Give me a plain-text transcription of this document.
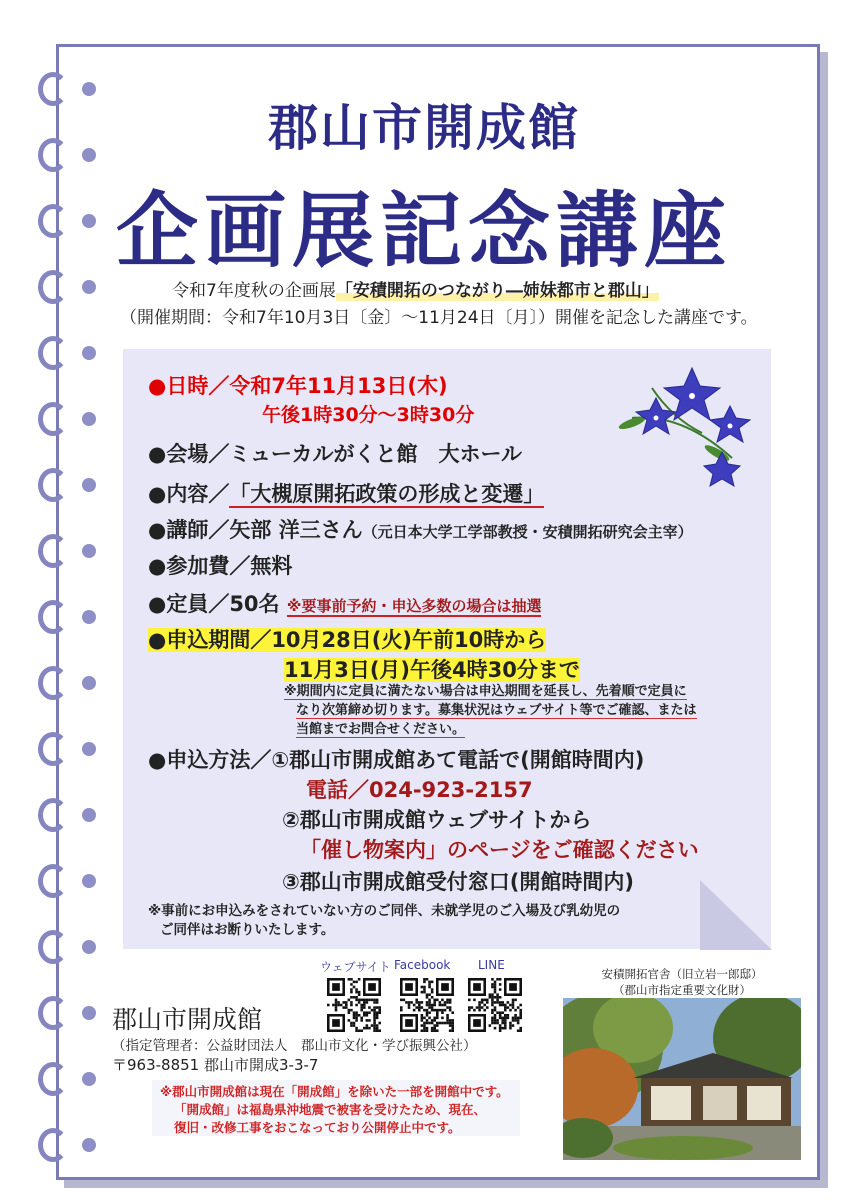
郡山市開成館
企画展記念講座
令和7年度秋の企画展「安積開拓のつながり―姉妹都市と郡山」
（開催期間：令和7年10月3日〔金〕～11月24日〔月〕）開催を記念した講座です。
●日時／令和7年11月13日(木)
午後1時30分～3時30分
●会場／ミューカルがくと館　大ホール
●内容／「大槻原開拓政策の形成と変遷」
●講師／矢部 洋三さん（元日本大学工学部教授・安積開拓研究会主宰）
●参加費／無料
●定員／50名 ※要事前予約・申込多数の場合は抽選
●申込期間／10月28日(火)午前10時から
11月3日(月)午後4時30分まで
※期間内に定員に満たない場合は申込期間を延長し、先着順で定員に
なり次第締め切ります。募集状況はウェブサイト等でご確認、または
当館までお問合せください。
●申込方法／①郡山市開成館あて電話で(開館時間内)
電話／024-923-2157
②郡山市開成館ウェブサイトから
「催し物案内」のページをご確認ください
③郡山市開成館受付窓口(開館時間内)
※事前にお申込みをされていない方のご同伴、未就学児のご入場及び乳幼児の
ご同伴はお断りいたします。
ウェブサイト Facebook LINE
郡山市開成館
（指定管理者：公益財団法人　郡山市文化・学び振興公社）
〒963-8851 郡山市開成3-3-7
※郡山市開成館は現在「開成館」を除いた一部を開館中です。
「開成館」は福島県沖地震で被害を受けたため、現在、
復旧・改修工事をおこなっており公開停止中です。
安積開拓官舎（旧立岩一郎邸）
（郡山市指定重要文化財）
